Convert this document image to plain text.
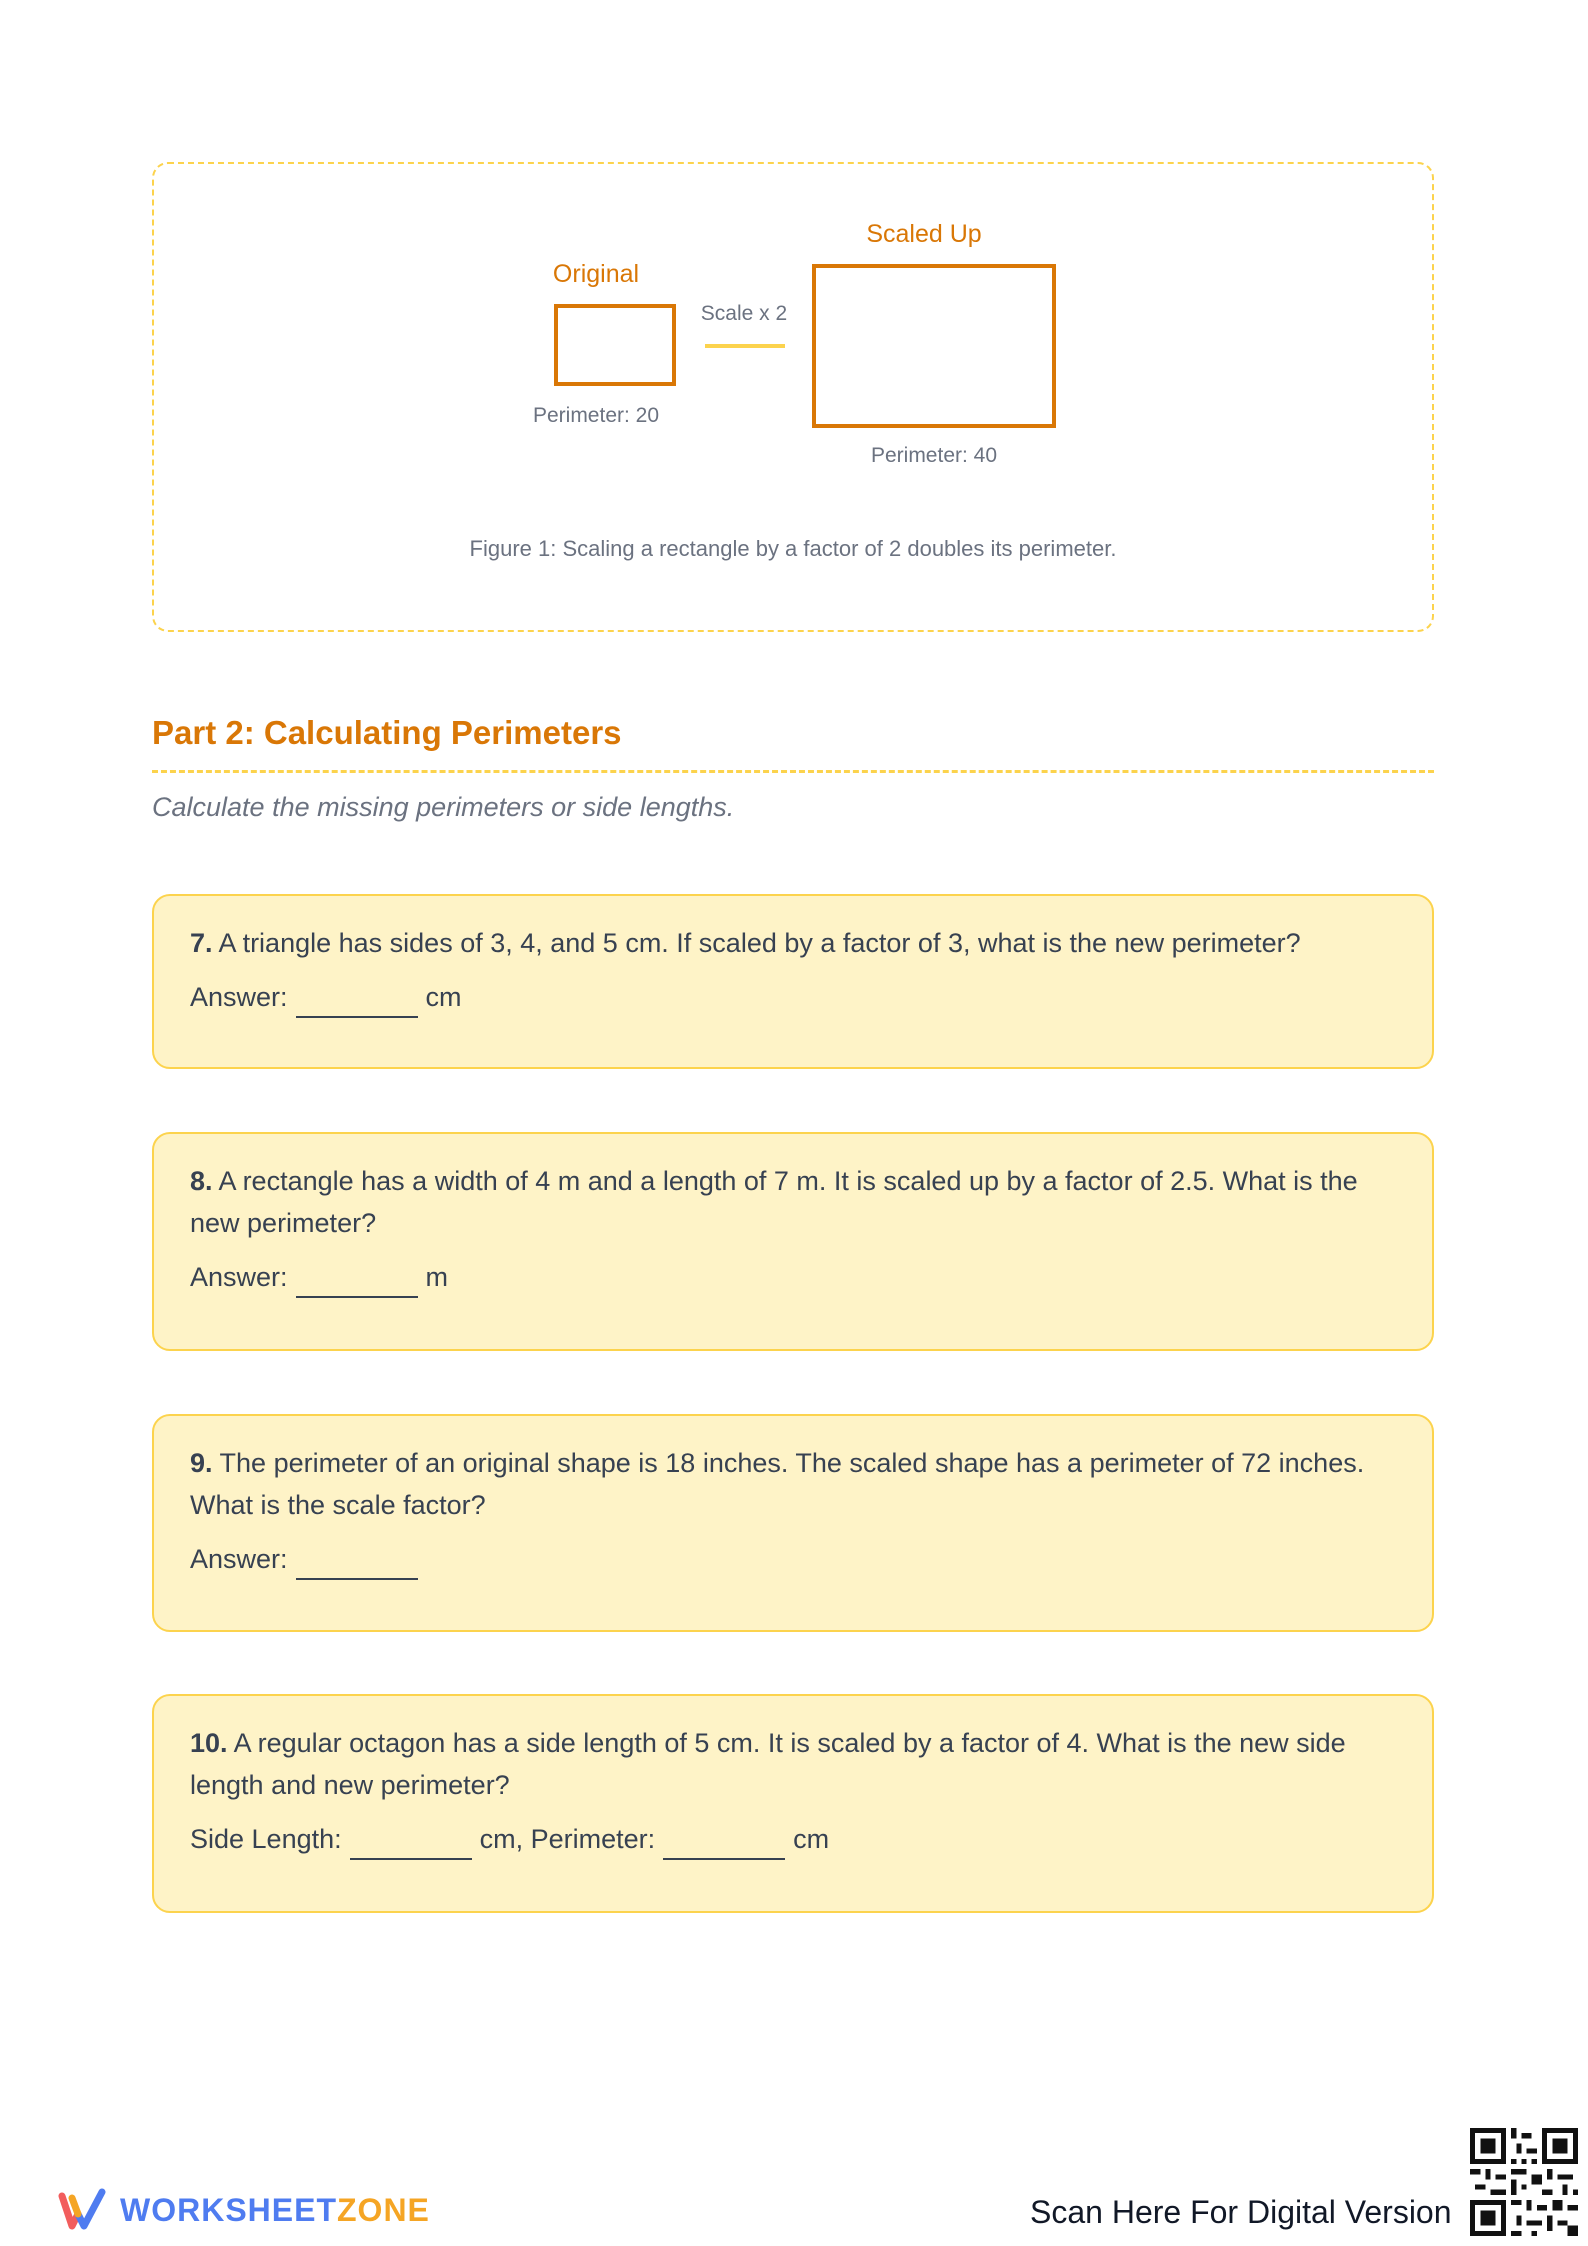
Original
Perimeter: 20
Scale x 2
Scaled Up
Perimeter: 40
Figure 1: Scaling a rectangle by a factor of 2 doubles its perimeter.
Part 2: Calculating Perimeters
Calculate the missing perimeters or side lengths.
7. A triangle has sides of 3, 4, and 5 cm. If scaled by a factor of 3, what is the new perimeter?
Answer:	cm
8. A rectangle has a width of 4 m and a length of 7 m. It is scaled up by a factor of 2.5. What is the new perimeter?
Answer:	m
9. The perimeter of an original shape is 18 inches. The scaled shape has a perimeter of 72 inches. What is the scale factor?
Answer:
10. A regular octagon has a side length of 5 cm. It is scaled by a factor of 4. What is the new side length and new perimeter?
Side Length:	cm, Perimeter:	cm
WORKSHEETZONE	Scan Here For Digital Version
